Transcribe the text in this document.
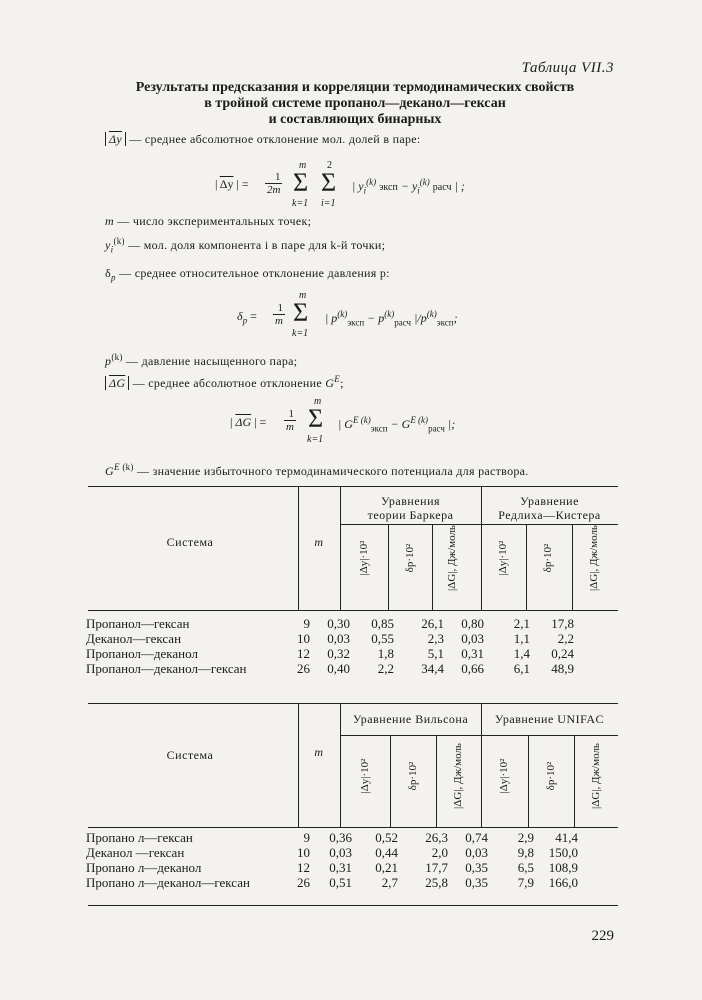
Таблица VII.3
Результаты предсказания и корреляции термодинамических свойств
в тройной системе пропанол—деканол—гексан
и составляющих бинарных
$\overline{\Delta y}$ — среднее абсолютное отклонение мол. долей в паре:
| $\overline{\Delta y}$ | = $\frac{1}{2m}$
m
Σ
k=1
2
Σ
i=1
| $y_i^{(k)}$ эксп − $y_i^{(k)}$ расч | ;
m — число экспериментальных точек;
$y_i^{(k)}$ — мол. доля компонента i в паре для k-й точки;
$\delta_p$ — среднее относительное отклонение давления p:
$\delta_p = \frac{1}{m}$
m
Σ
k=1
| $p^{(k)}_{эксп} - p^{(k)}_{расч}$ $|/p^{(k)}_{эксп}$;
$p^{(k)}$ — давление насыщенного пара;
$\overline{\Delta G}$ — среднее абсолютное отклонение $G^E$;
| $\overline{\Delta G}$ | = $\frac{1}{m}$
m
Σ
k=1
| $G^{E (k)}_{эксп} - G^{E (k)}_{расч}$ |;
$G^{E (k)}$ — значение избыточного термодинамического потенциала для раствора.
Система	m
Уравнения
теории Баркера
Уравнение
Редлиха—Кистера
|Δy|·10²	δp·10²	|ΔG|, Дж/моль	|Δy|·10²	δp·10²	|ΔG|, Дж/моль
Пропанол—гексан	9	0,30	0,85	26,1	0,80	2,1	17,8
Деканол—гексан	10	0,03	0,55	2,3	0,03	1,1	2,2
Пропанол—деканол	12	0,32	1,8	5,1	0,31	1,4	0,24
Пропанол—деканол—гексан	26	0,40	2,2	34,4	0,66	6,1	48,9
Система	m
Уравнение Вильсона	Уравнение UNIFAC
|Δy|·10²	δp·10²	|ΔG|, Дж/моль	|Δy|·10²	δp·10²	|ΔG|, Дж/моль
Пропано л—гексан	9	0,36	0,52	26,3	0,74	2,9	41,4
Деканол —гексан	10	0,03	0,44	2,0	0,03	9,8	150,0
Пропано л—деканол	12	0,31	0,21	17,7	0,35	6,5	108,9
Пропано л—деканол—гексан	26	0,51	2,7	25,8	0,35	7,9	166,0
229
